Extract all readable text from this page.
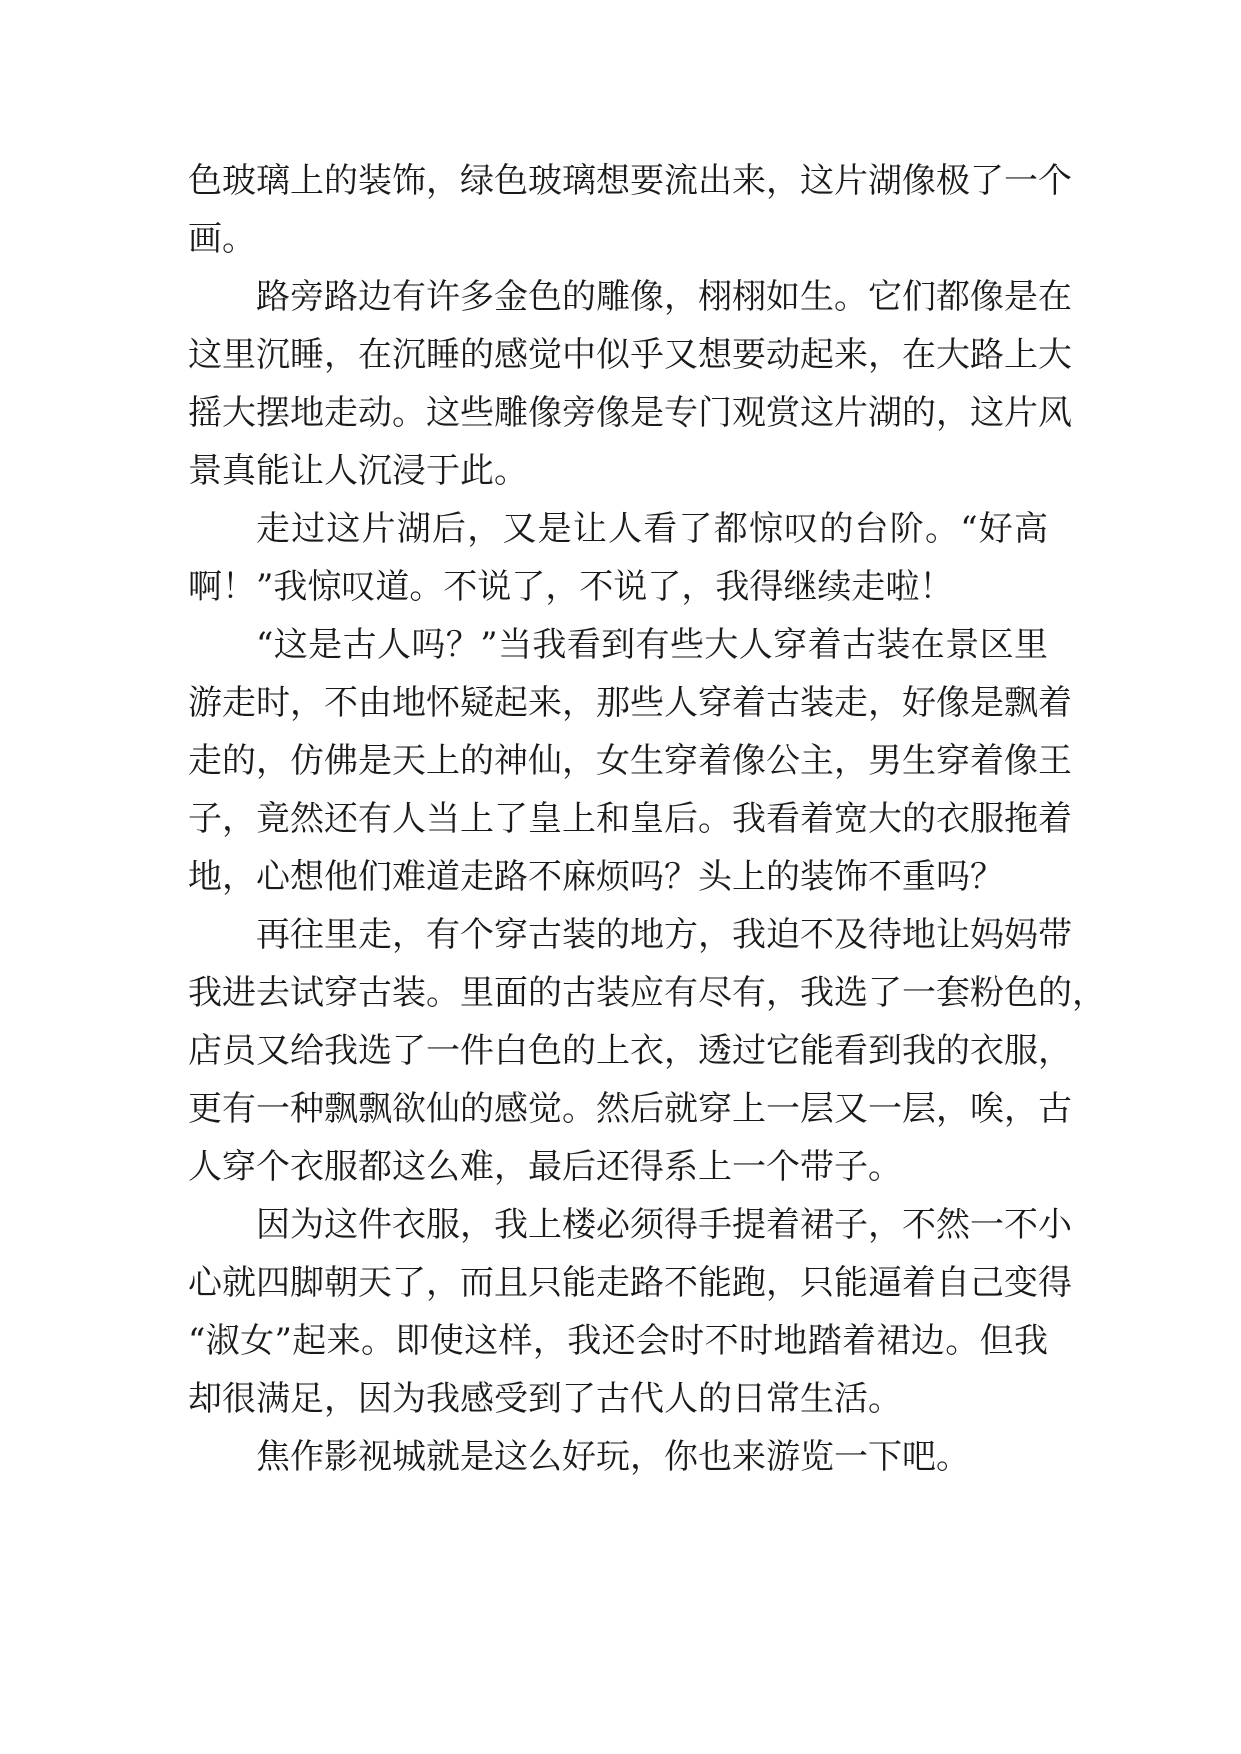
色玻璃上的装饰，绿色玻璃想要流出来，这片湖像极了一个
画。
路旁路边有许多金色的雕像，栩栩如生。它们都像是在
这里沉睡，在沉睡的感觉中似乎又想要动起来，在大路上大
摇大摆地走动。这些雕像旁像是专门观赏这片湖的，这片风
景真能让人沉浸于此。
走过这片湖后，又是让人看了都惊叹的台阶。“好高
啊！”我惊叹道。不说了，不说了，我得继续走啦！
“这是古人吗？”当我看到有些大人穿着古装在景区里
游走时，不由地怀疑起来，那些人穿着古装走，好像是飘着
走的，仿佛是天上的神仙，女生穿着像公主，男生穿着像王
子，竟然还有人当上了皇上和皇后。我看着宽大的衣服拖着
地，心想他们难道走路不麻烦吗？头上的装饰不重吗？
再往里走，有个穿古装的地方，我迫不及待地让妈妈带
我进去试穿古装。里面的古装应有尽有，我选了一套粉色的，
店员又给我选了一件白色的上衣，透过它能看到我的衣服，
更有一种飘飘欲仙的感觉。然后就穿上一层又一层，唉，古
人穿个衣服都这么难，最后还得系上一个带子。
因为这件衣服，我上楼必须得手提着裙子，不然一不小
心就四脚朝天了，而且只能走路不能跑，只能逼着自己变得
“淑女”起来。即使这样，我还会时不时地踏着裙边。但我
却很满足，因为我感受到了古代人的日常生活。
焦作影视城就是这么好玩，你也来游览一下吧。
